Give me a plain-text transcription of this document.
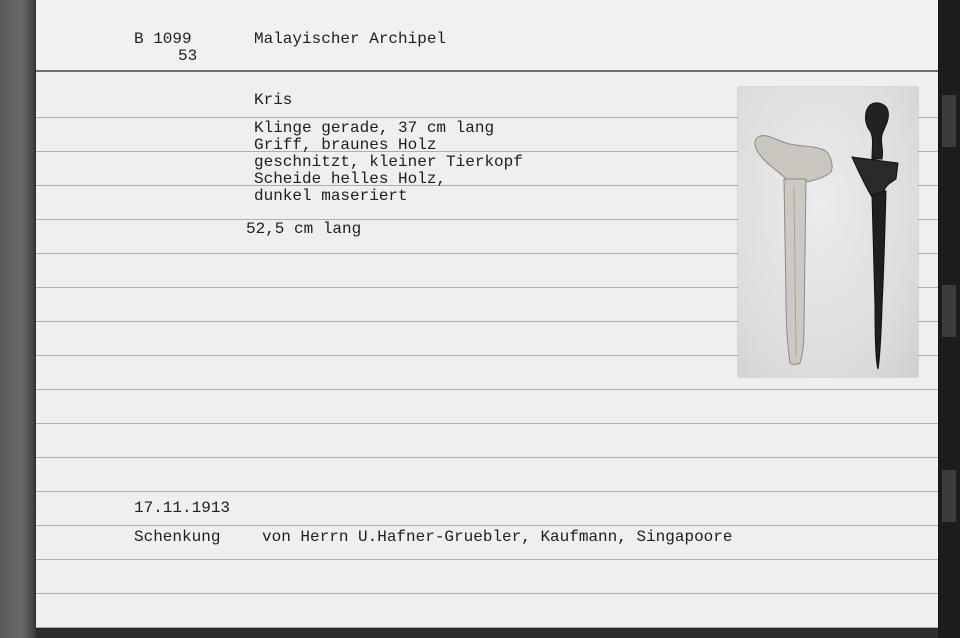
B 1099
53
Malayischer Archipel
Kris
Klinge gerade, 37 cm lang
Griff, braunes Holz
geschnitzt, kleiner Tierkopf
Scheide helles Holz,
dunkel maseriert
52,5 cm lang
17.11.1913
Schenkung	von Herrn U.Hafner-Gruebler, Kaufmann, Singapoore
